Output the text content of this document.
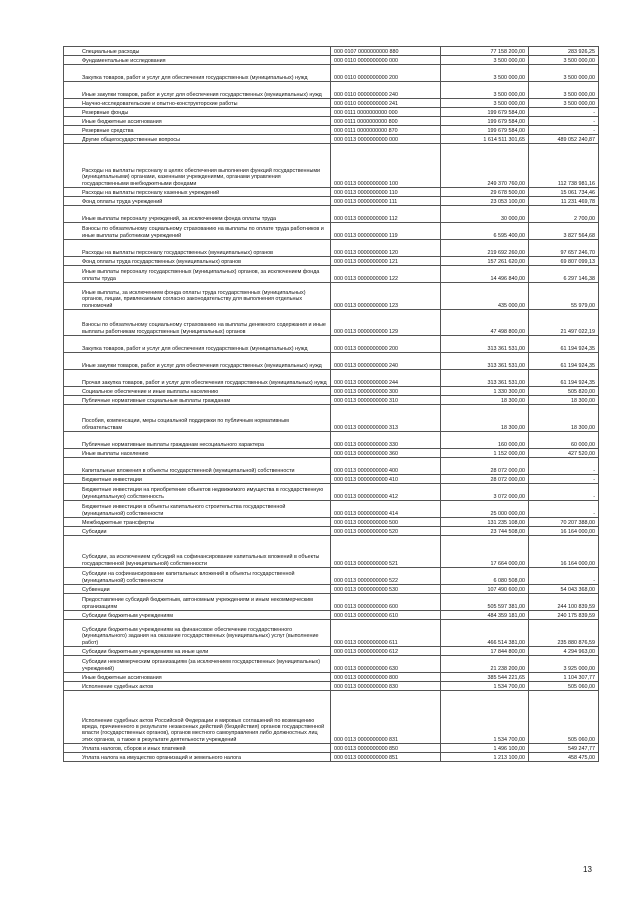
Специальные расходы	000 0107 0000000000 880	77 158 200,00	283 926,25
Фундаментальные исследования	000 0110 0000000000 000	3 500 000,00	3 500 000,00
Закупка товаров, работ и услуг для обеспечения государственных (муниципальных) нужд	000 0110 0000000000 200	3 500 000,00	3 500 000,00
Иные закупки товаров, работ и услуг для обеспечения государственных (муниципальных) нужд	000 0110 0000000000 240	3 500 000,00	3 500 000,00
Научно-исследовательские и опытно-конструкторские работы	000 0110 0000000000 241	3 500 000,00	3 500 000,00
Резервные фонды	000 0111 0000000000 000	199 679 584,00	-
Иные бюджетные ассигнования	000 0111 0000000000 800	199 679 584,00	-
Резервные средства	000 0111 0000000000 870	199 679 584,00	-
Другие общегосударственные вопросы	000 0113 0000000000 000	1 614 511 301,65	489 052 240,87
Расходы на выплаты персоналу в целях обеспечения выполнения функций государственными (муниципальными) органами, казенными учреждениями, органами управления государственными внебюджетными фондами	000 0113 0000000000 100	249 370 760,00	112 738 981,16
Расходы на выплаты персоналу казенных учреждений	000 0113 0000000000 110	29 678 500,00	15 061 734,46
Фонд оплаты труда учреждений	000 0113 0000000000 111	23 053 100,00	11 231 469,78
Иные выплаты персоналу учреждений, за исключением фонда оплаты труда	000 0113 0000000000 112	30 000,00	2 700,00
Взносы по обязательному социальному страхованию на выплаты по оплате труда работников и иные выплаты работникам учреждений	000 0113 0000000000 119	6 595 400,00	3 827 564,68
Расходы на выплаты персоналу государственных (муниципальных) органов	000 0113 0000000000 120	219 692 260,00	97 657 246,70
Фонд оплаты труда государственных (муниципальных) органов	000 0113 0000000000 121	157 261 620,00	69 807 099,13
Иные выплаты персоналу государственных (муниципальных) органов, за исключением фонда оплаты труда	000 0113 0000000000 122	14 496 840,00	6 297 146,38
Иные выплаты, за исключением фонда оплаты труда государственных (муниципальных) органов, лицам, привлекаемым согласно законодательству для выполнения отдельных полномочий	000 0113 0000000000 123	435 000,00	55 979,00
Взносы по обязательному социальному страхованию на выплаты денежного содержания и иные выплаты работникам государственных (муниципальных) органов	000 0113 0000000000 129	47 498 800,00	21 497 022,19
Закупка товаров, работ и услуг для обеспечения государственных (муниципальных) нужд	000 0113 0000000000 200	313 361 531,00	61 194 924,35
Иные закупки товаров, работ и услуг для обеспечения государственных (муниципальных) нужд	000 0113 0000000000 240	313 361 531,00	61 194 924,35
Прочая закупка товаров, работ и услуг для обеспечения государственных (муниципальных) нужд	000 0113 0000000000 244	313 361 531,00	61 194 924,35
Социальное обеспечение и иные выплаты населению	000 0113 0000000000 300	1 330 300,00	505 820,00
Публичные нормативные социальные выплаты гражданам	000 0113 0000000000 310	18 300,00	18 300,00
Пособия, компенсации, меры социальной поддержки по публичным нормативным обязательствам	000 0113 0000000000 313	18 300,00	18 300,00
Публичные нормативные выплаты гражданам несоциального характера	000 0113 0000000000 330	160 000,00	60 000,00
Иные выплаты населению	000 0113 0000000000 360	1 152 000,00	427 520,00
Капитальные вложения в объекты государственной (муниципальной) собственности	000 0113 0000000000 400	28 072 000,00	-
Бюджетные инвестиции	000 0113 0000000000 410	28 072 000,00	-
Бюджетные инвестиции на приобретение объектов недвижимого имущества в государственную (муниципальную) собственность	000 0113 0000000000 412	3 072 000,00	-
Бюджетные инвестиции в объекты капитального строительства государственной (муниципальной) собственности	000 0113 0000000000 414	25 000 000,00	-
Межбюджетные трансферты	000 0113 0000000000 500	131 235 108,00	70 207 388,00
Субсидии	000 0113 0000000000 520	23 744 508,00	16 164 000,00
Субсидии, за исключением субсидий на софинансирование капитальных вложений в объекты государственной (муниципальной) собственности	000 0113 0000000000 521	17 664 000,00	16 164 000,00
Субсидии на софинансирование капитальных вложений в объекты государственной (муниципальной) собственности	000 0113 0000000000 522	6 080 508,00	-
Субвенции	000 0113 0000000000 530	107 490 600,00	54 043 368,00
Предоставление субсидий бюджетным, автономным учреждениям и иным некоммерческим организациям	000 0113 0000000000 600	505 597 381,00	244 100 839,59
Субсидии бюджетным учреждениям	000 0113 0000000000 610	484 359 181,00	240 175 839,59
Субсидии бюджетным учреждениям на финансовое обеспечение государственного (муниципального) задания на оказание государственных (муниципальных) услуг (выполнение работ)	000 0113 0000000000 611	466 514 381,00	235 880 876,59
Субсидии бюджетным учреждениям на иные цели	000 0113 0000000000 612	17 844 800,00	4 294 963,00
Субсидии некоммерческим организациям (за исключением государственных (муниципальных) учреждений)	000 0113 0000000000 630	21 238 200,00	3 925 000,00
Иные бюджетные ассигнования	000 0113 0000000000 800	385 544 221,65	1 104 307,77
Исполнение судебных актов	000 0113 0000000000 830	1 534 700,00	505 060,00
Исполнение судебных актов Российской Федерации и мировых соглашений по возмещению вреда, причиненного в результате незаконных действий (бездействия) органов государственной власти (государственных органов), органов местного самоуправления либо должностных лиц этих органов, а также в результате деятельности учреждений	000 0113 0000000000 831	1 534 700,00	505 060,00
Уплата налогов, сборов и иных платежей	000 0113 0000000000 850	1 496 100,00	549 247,77
Уплата налога на имущество организаций и земельного налога	000 0113 0000000000 851	1 213 100,00	458 475,00
13
